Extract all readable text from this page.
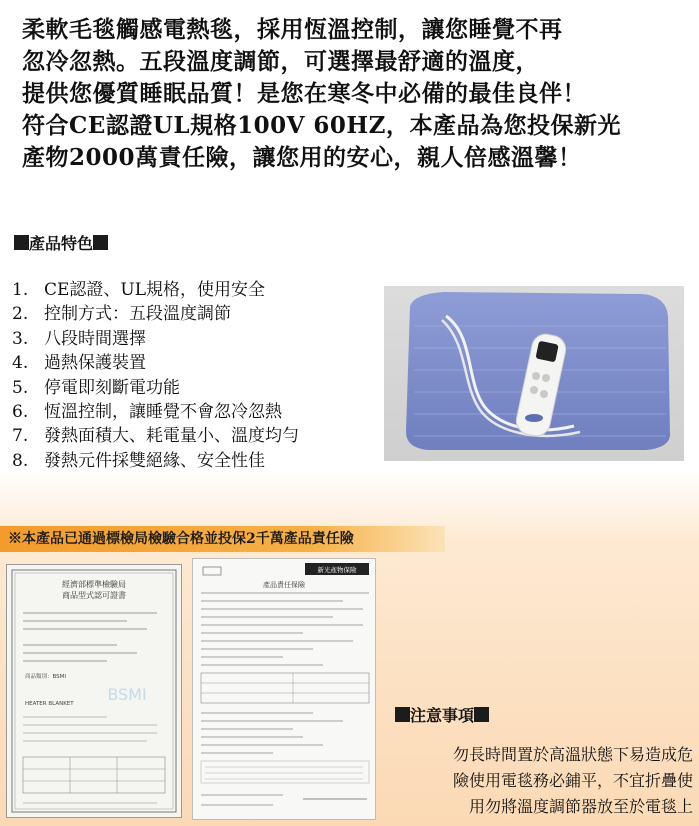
柔軟毛毯觸感電熱毯，採用恆溫控制，讓您睡覺不再
忽冷忽熱。五段溫度調節，可選擇最舒適的溫度，
提供您優質睡眠品質！是您在寒冬中必備的最佳良伴！
符合CE認證UL規格100V 60HZ，本產品為您投保新光
產物2000萬責任險，讓您用的安心，親人倍感溫馨！
產品特色
1. CE認證、UL規格，使用安全
2. 控制方式：五段溫度調節
3. 八段時間選擇
4. 過熱保護裝置
5. 停電即刻斷電功能
6. 恆溫控制，讓睡覺不會忽冷忽熱
7. 發熱面積大、耗電量小、溫度均勻
8. 發熱元件採雙絕緣、安全性佳
※本產品已通過標檢局檢驗合格並投保2千萬產品責任險
經濟部標準檢驗局
商品型式認可證書
商品類別：BSMI
HEATER BLANKET BSMI
新光產物保險
產品責任保險
注意事項
勿長時間置於高溫狀態下易造成危
險使用電毯務必鋪平，不宜折疊使
用勿將溫度調節器放至於電毯上
